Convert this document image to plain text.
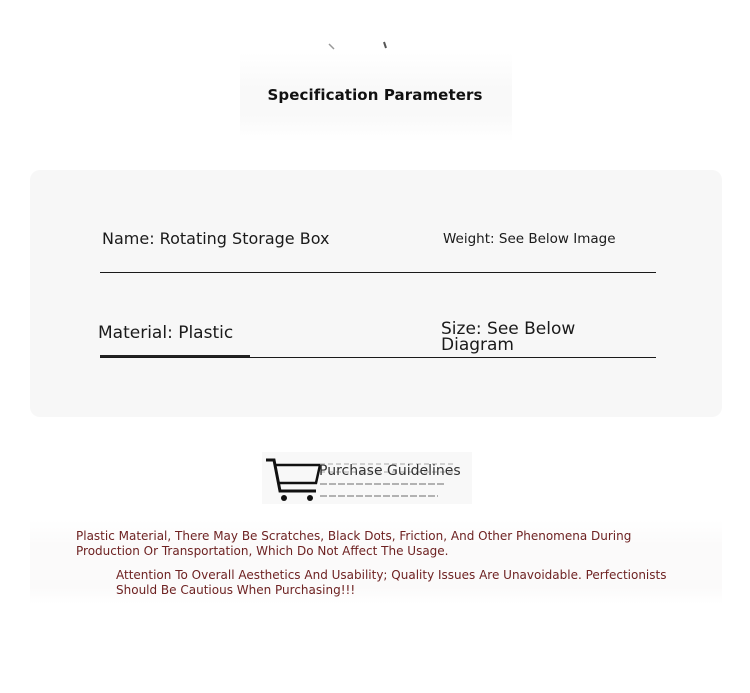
Specification Parameters
Name: Rotating Storage Box	Weight: See Below Image
Material: Plastic	Size: See Below Diagram
Purchase Guidelines
Plastic Material, There May Be Scratches, Black Dots, Friction, And Other Phenomena During Production Or Transportation, Which Do Not Affect The Usage.
Attention To Overall Aesthetics And Usability; Quality Issues Are Unavoidable. Perfectionists Should Be Cautious When Purchasing!!!
